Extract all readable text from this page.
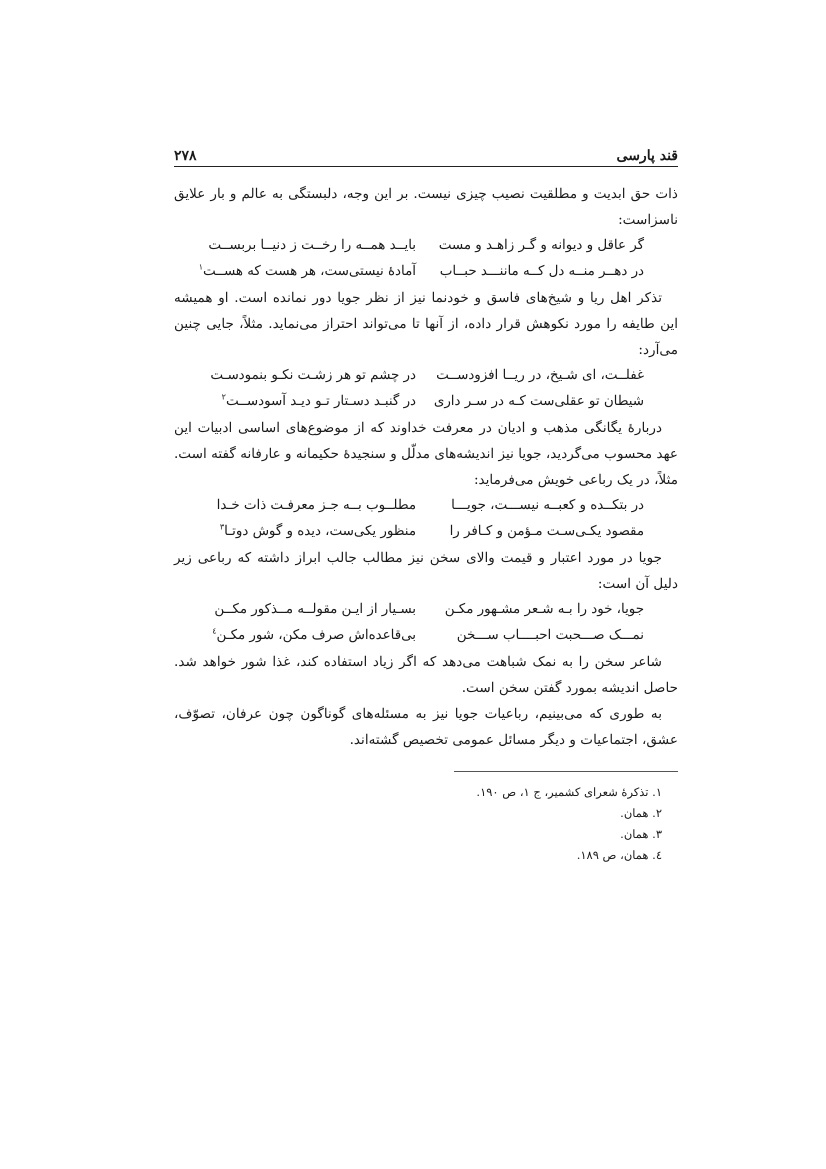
قند پارسی
۲۷۸

ذات حق ابدیت و مطلقیت نصیب چیزی نیست. بر این وجه، دلبستگی به عالم و بار علایق ناسزاست:

گر عاقل و دیوانه و گـر زاهـد و مست
بایــد همــه را رخــت ز دنیــا بربســت
در دهــر منــه دل کــه ماننـــد حبــاب
آمادهٔ نیستی‌ست، هر هست که هســت$^۱$

تذکر اهل ریا و شیخ‌های فاسق و خودنما نیز از نظر جویا دور نمانده است. او همیشه این طایفه را مورد نکوهش قرار داده، از آنها تا می‌تواند احتراز می‌نماید. مثلاً، جایی چنین می‌آرد:

غفلــت، ای شـیخ، در ریــا افزودســت
در چشم تو هر زشـت نکـو بنمودسـت
شیطان تو عقلی‌ست کـه در سـر داری
در گنبـد دسـتار تـو دیـد آسودســت$^۲$

دربارهٔ یگانگی مذهب و ادیان در معرفت خداوند که از موضوع‌های اساسی ادبیات این عهد محسوب می‌گردید، جویا نیز اندیشه‌های مدلّل و سنجیدهٔ حکیمانه و عارفانه گفته است. مثلاً، در یک رباعی خویش می‌فرماید:

در بتکــده و کعبــه نیســـت، جویـــا
مطلــوب بــه جـز معرفـت ذات خـدا
مقصود یکـی‌سـت مـؤمن و کـافر را
منظور یکی‌ست، دیده و گوش دوتـا$^۳$

جویا در مورد اعتبار و قیمت والای سخن نیز مطالب جالب ابراز داشته که رباعی زیر دلیل آن است:

جویا، خود را بـه شـعر مشـهور مکـن
بسـیار از ایـن مقولــه مــذکور مکــن
نمـــک صـــحبت احبــــاب ســـخن
بی‌قاعده‌اش صرف مکن، شور مکـن$^٤$

شاعر سخن را به نمک شباهت می‌دهد که اگر زیاد استفاده کند، غذا شور خواهد شد. حاصل اندیشه بمورد گفتن سخن است.

به طوری که می‌بینیم، رباعیات جویا نیز به مسئله‌های گوناگون چون عرفان، تصوّف، عشق، اجتماعیات و دیگر مسائل عمومی تخصیص گشته‌اند.

۱. تذکرهٔ شعرای کشمیر، ج ۱، ص ۱۹۰.
۲. همان.
۳. همان.
٤. همان، ص ۱۸۹.
